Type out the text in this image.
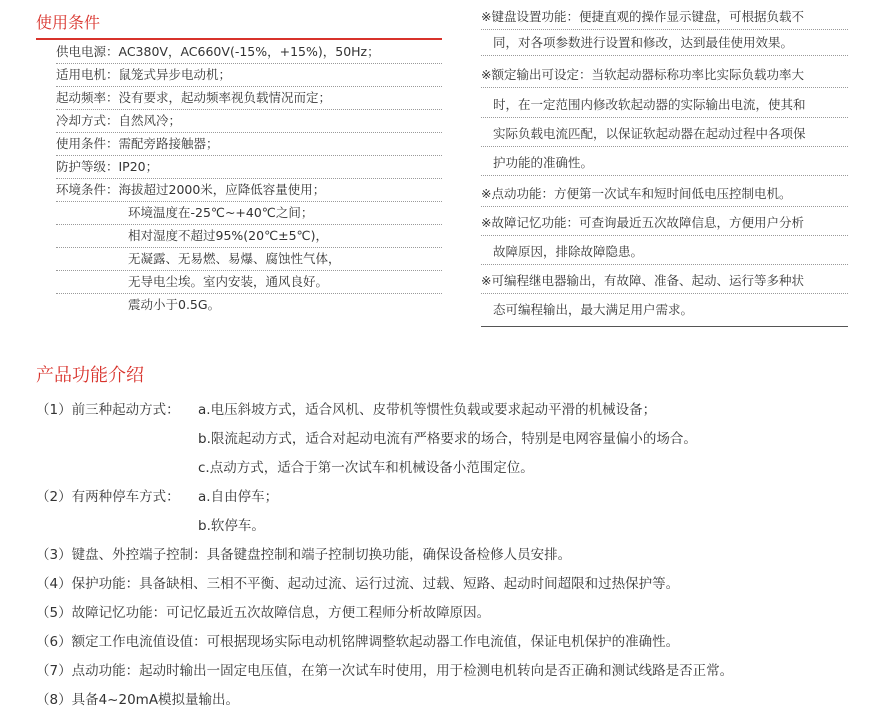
使用条件
供电电源：AC380V，AC660V(-15%，+15%)，50Hz；
适用电机：鼠笼式异步电动机；
起动频率：没有要求，起动频率视负载情况而定；
冷却方式：自然风冷；
使用条件：需配旁路接触器；
防护等级：IP20；
环境条件：海拔超过2000米，应降低容量使用；
环境温度在-25℃~+40℃之间；
相对湿度不超过95%(20℃±5℃)，
无凝露、无易燃、易爆、腐蚀性气体，
无导电尘埃。室内安装，通风良好。
震动小于0.5G。
※键盘设置功能：便捷直观的操作显示键盘，可根据负载不
同，对各项参数进行设置和修改，达到最佳使用效果。
※额定输出可设定：当软起动器标称功率比实际负载功率大
时，在一定范围内修改软起动器的实际输出电流，使其和
实际负载电流匹配，以保证软起动器在起动过程中各项保
护功能的准确性。
※点动功能：方便第一次试车和短时间低电压控制电机。
※故障记忆功能：可查询最近五次故障信息，方便用户分析
故障原因，排除故障隐患。
※可编程继电器输出，有故障、准备、起动、运行等多种状
态可编程输出，最大满足用户需求。
产品功能介绍
（1）前三种起动方式： a.电压斜坡方式，适合风机、皮带机等惯性负载或要求起动平滑的机械设备；
b.限流起动方式，适合对起动电流有严格要求的场合，特别是电网容量偏小的场合。
c.点动方式，适合于第一次试车和机械设备小范围定位。
（2）有两种停车方式： a.自由停车；
b.软停车。
（3）键盘、外控端子控制：具备键盘控制和端子控制切换功能，确保设备检修人员安排。
（4）保护功能：具备缺相、三相不平衡、起动过流、运行过流、过载、短路、起动时间超限和过热保护等。
（5）故障记忆功能：可记忆最近五次故障信息，方便工程师分析故障原因。
（6）额定工作电流值设值：可根据现场实际电动机铭牌调整软起动器工作电流值，保证电机保护的准确性。
（7）点动功能：起动时输出一固定电压值，在第一次试车时使用，用于检测电机转向是否正确和测试线路是否正常。
（8）具备4~20mA模拟量输出。
